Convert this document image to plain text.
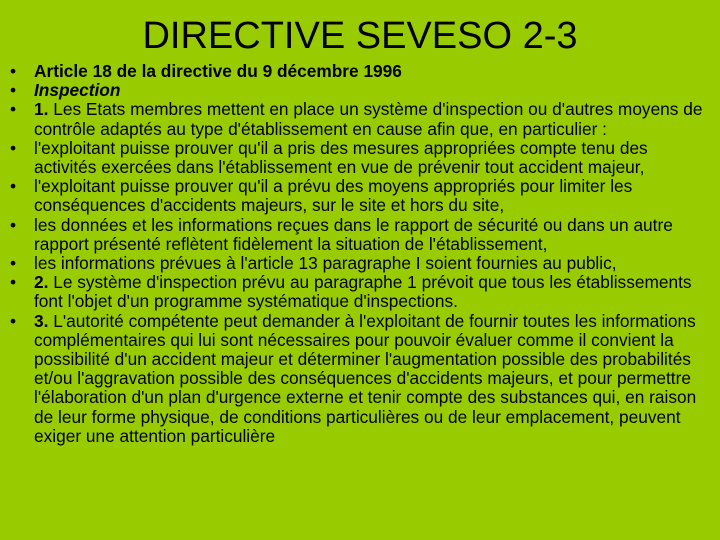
DIRECTIVE SEVESO 2-3
• Article 18 de la directive du 9 décembre 1996
• Inspection
• 1. Les Etats membres mettent en place un système d'inspection ou d'autres moyens de contrôle adaptés au type d'établissement en cause afin que, en particulier :
• l'exploitant puisse prouver qu'il a pris des mesures appropriées compte tenu des activités exercées dans l'établissement en vue de prévenir tout accident majeur,
• l'exploitant puisse prouver qu'il a prévu des moyens appropriés pour limiter les conséquences d'accidents majeurs, sur le site et hors du site,
• les données et les informations reçues dans le rapport de sécurité ou dans un autre rapport présenté reflètent fidèlement la situation de l'établissement,
• les informations prévues à l'article 13 paragraphe I soient fournies au public,
• 2. Le système d'inspection prévu au paragraphe 1 prévoit que tous les établissements font l'objet d'un programme systématique d'inspections.
• 3. L'autorité compétente peut demander à l'exploitant de fournir toutes les informations complémentaires qui lui sont nécessaires pour pouvoir évaluer comme il convient la possibilité d'un accident majeur et déterminer l'augmentation possible des probabilités et/ou l'aggravation possible des conséquences d'accidents majeurs, et pour permettre l'élaboration d'un plan d'urgence externe et tenir compte des substances qui, en raison de leur forme physique, de conditions particulières ou de leur emplacement, peuvent exiger une attention particulière
